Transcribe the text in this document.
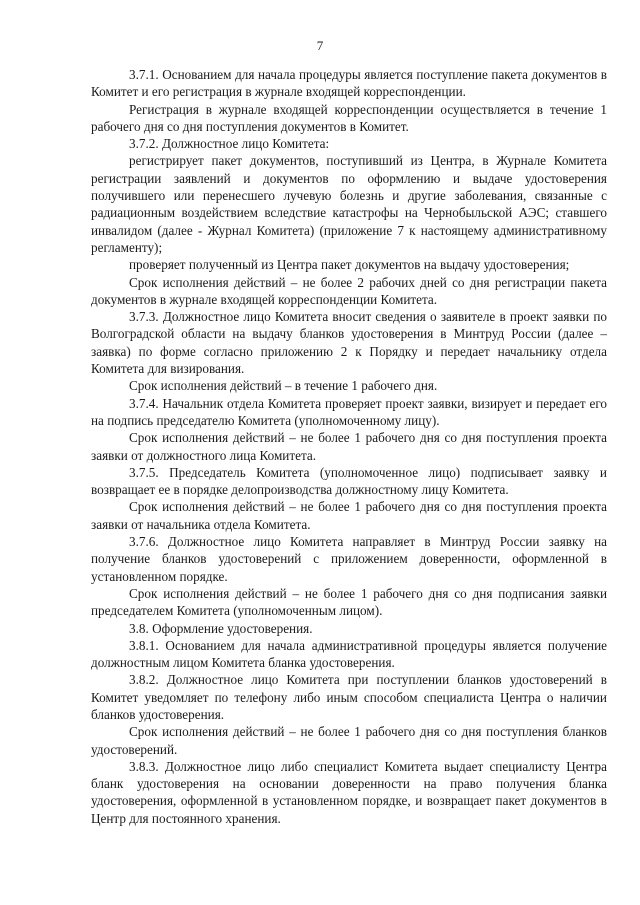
7

3.7.1. Основанием для начала процедуры является поступление пакета документов в Комитет и его регистрация в журнале входящей корреспонденции.

Регистрация в журнале входящей корреспонденции осуществляется в течение 1 рабочего дня со дня поступления документов в Комитет.

3.7.2. Должностное лицо Комитета:

регистрирует пакет документов, поступивший из Центра, в Журнале Комитета регистрации заявлений и документов по оформлению и выдаче удостоверения получившего или перенесшего лучевую болезнь и другие заболевания, связанные с радиационным воздействием вследствие катастрофы на Чернобыльской АЭС; ставшего инвалидом (далее - Журнал Комитета) (приложение 7 к настоящему административному регламенту);

проверяет полученный из Центра пакет документов на выдачу удостоверения;

Срок исполнения действий – не более 2 рабочих дней со дня регистрации пакета документов в журнале входящей корреспонденции Комитета.

3.7.3. Должностное лицо Комитета вносит сведения о заявителе в проект заявки по Волгоградской области на выдачу бланков удостоверения в Минтруд России (далее – заявка) по форме согласно приложению 2 к Порядку и передает начальнику отдела Комитета для визирования.

Срок исполнения действий – в течение 1 рабочего дня.

3.7.4. Начальник отдела Комитета проверяет проект заявки, визирует и передает его на подпись председателю Комитета (уполномоченному лицу).

Срок исполнения действий – не более 1 рабочего дня со дня поступления проекта заявки от должностного лица Комитета.

3.7.5. Председатель Комитета (уполномоченное лицо) подписывает заявку и возвращает ее в порядке делопроизводства должностному лицу Комитета.

Срок исполнения действий – не более 1 рабочего дня со дня поступления проекта заявки от начальника отдела Комитета.

3.7.6. Должностное лицо Комитета направляет в Минтруд России заявку на получение бланков удостоверений с приложением доверенности, оформленной в установленном порядке.

Срок исполнения действий – не более 1 рабочего дня со дня подписания заявки председателем Комитета (уполномоченным лицом).

3.8. Оформление удостоверения.

3.8.1. Основанием для начала административной процедуры является получение должностным лицом Комитета бланка удостоверения.

3.8.2. Должностное лицо Комитета при поступлении бланков удостоверений в Комитет уведомляет по телефону либо иным способом специалиста Центра о наличии бланков удостоверения.

Срок исполнения действий – не более 1 рабочего дня со дня поступления бланков удостоверений.

3.8.3. Должностное лицо либо специалист Комитета выдает специалисту Центра бланк удостоверения на основании доверенности на право получения бланка удостоверения, оформленной в установленном порядке, и возвращает пакет документов в Центр для постоянного хранения.
